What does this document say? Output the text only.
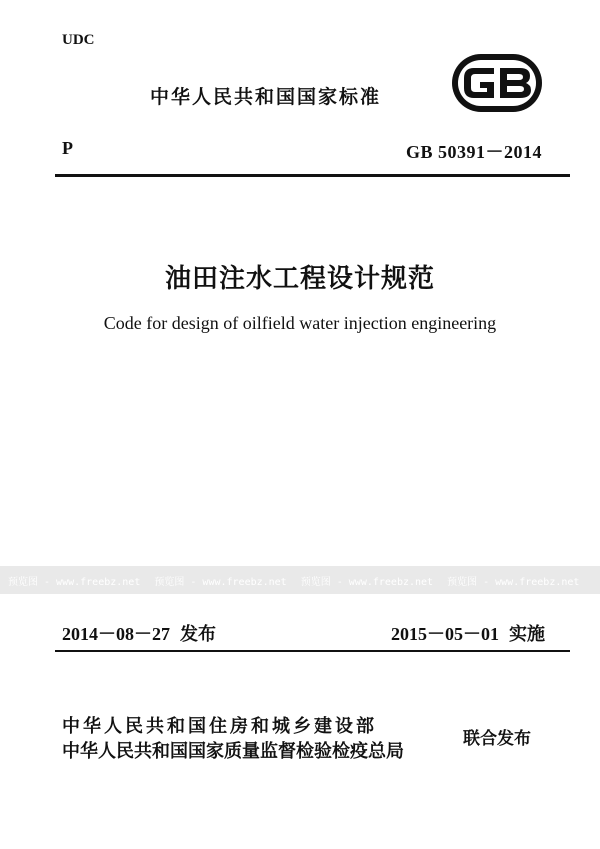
UDC
中华人民共和国国家标准
P	GB 50391－2014
油田注水工程设计规范
Code for design of oilfield water injection engineering
预览图 - www.freebz.net 预览图 - www.freebz.net 预览图 - www.freebz.net 预览图 - www.freebz.net
2014－08－27 发布	2015－05－01 实施
中华人民共和国住房和城乡建设部
中华人民共和国国家质量监督检验检疫总局
联合发布
